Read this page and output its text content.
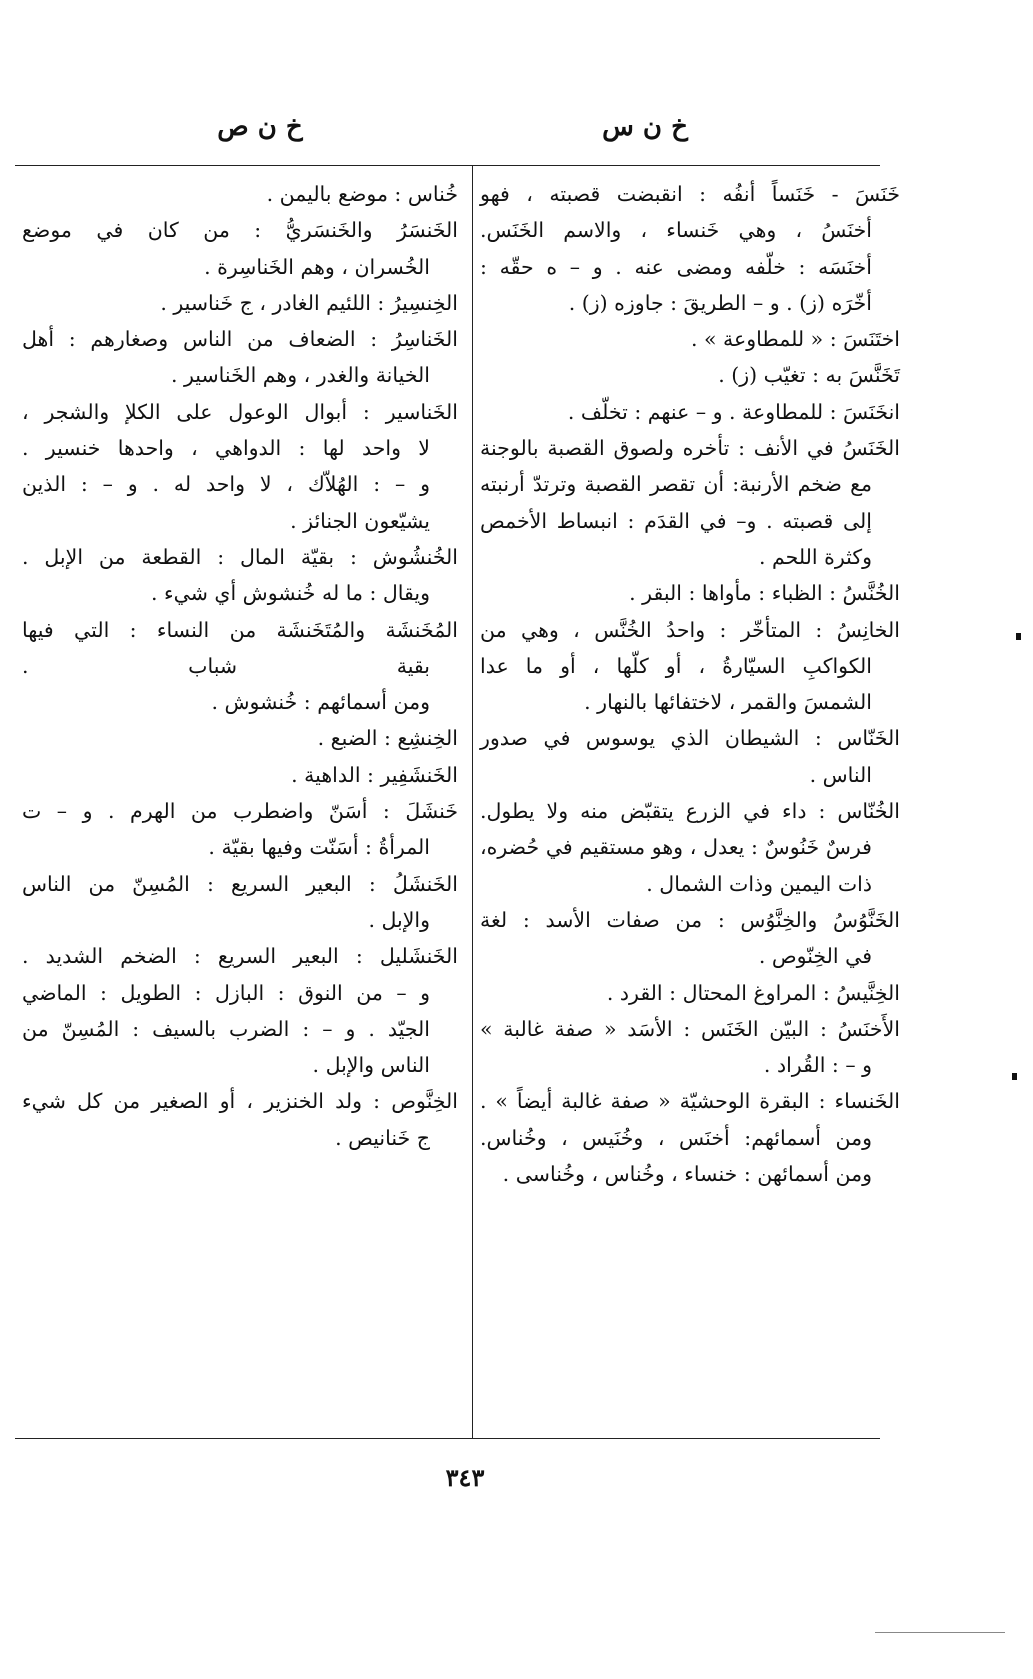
خ ن س
خ ن ص
خَنَسَ - خَنَساً أنفُه : انقبضت قصبته ، فهو
أخنَسُ ، وهي خَنساء ، والاسم الخَنَس.
أخنَسَه : خلّفه ومضى عنه . و – ه حقّه :
أخّرَه (ز) . و – الطريقَ : جاوزه (ز) .
اختَنَسَ : « للمطاوعة » .
تَخَنَّسَ به : تغيّب (ز) .
انخَنَسَ : للمطاوعة . و – عنهم : تخلّف .
الخَنَسُ في الأنف : تأخره ولصوق القصبة بالوجنة
مع ضخم الأرنبة: أن تقصر القصبة وترتدّ أرنبته
إلى قصبته . و– في القدَم : انبساط الأخمص
وكثرة اللحم .
الخُنَّسُ : الظباء : مأواها : البقر .
الخانِسُ : المتأخّر : واحدُ الخُنَّس ، وهي من
الكواكبِ السيّارةُ ، أو كلّها ، أو ما عدا
الشمسَ والقمر ، لاختفائها بالنهار .
الخَنّاس : الشيطان الذي يوسوس في صدور
الناس .
الخُنّاس : داء في الزرع يتقبّض منه ولا يطول.
فرسٌ خَنُوسٌ : يعدل ، وهو مستقيم في حُضره،
ذات اليمين وذات الشمال .
الخَنَّوُسُ والخِنَّوُس : من صفات الأسد : لغة
في الخِنّوص .
الخِنَّيسُ : المراوغ المحتال : القرد .
الأَخنَسُ : البيّن الخَنَس : الأسَد « صفة غالبة »
و – : القُراد .
الخَنساء : البقرة الوحشيّة « صفة غالبة أيضاً » .
ومن أسمائهم: أخنَس ، وخُنَيس ، وخُناس.
ومن أسمائهن : خنساء ، وخُناس ، وخُناسى .
خُناس : موضع باليمن .
الخَنسَرُ والخَنسَريُّ : من كان في موضع
الخُسران ، وهم الخَناسِرة .
الخِنسِيرُ : اللئيم الغادر ، ج خَناسير .
الخَناسِرُ : الضعاف من الناس وصغارهم : أهل
الخيانة والغدر ، وهم الخَناسير .
الخَناسير : أبوال الوعول على الكلإ والشجر ،
لا واحد لها : الدواهي ، واحدها خنسير .
و – : الهُلاّك ، لا واحد له . و – : الذين
يشيّعون الجنائز .
الخُنشُوش : بقيّة المال : القطعة من الإبل .
ويقال : ما له خُنشوش أي شيء .
المُخَنشَة والمُتَخَنشَة من النساء : التي فيها
بقية شباب .
ومن أسمائهم : خُنشوش .
الخِنشِع : الضبع .
الخَنشَفِير : الداهية .
خَنشَلَ : أسَنّ واضطرب من الهرم . و – ت
المرأةُ : أسَنّت وفيها بقيّة .
الخَنشَلُ : البعير السريع : المُسِنّ من الناس
والإبل .
الخَنشَليل : البعير السريع : الضخم الشديد .
و – من النوق : البازل : الطويل : الماضي
الجيّد . و – : الضرب بالسيف : المُسِنّ من
الناس والإبل .
الخِنَّوص : ولد الخنزير ، أو الصغير من كل شيء
ج خَنانيص .
٣٤٣
